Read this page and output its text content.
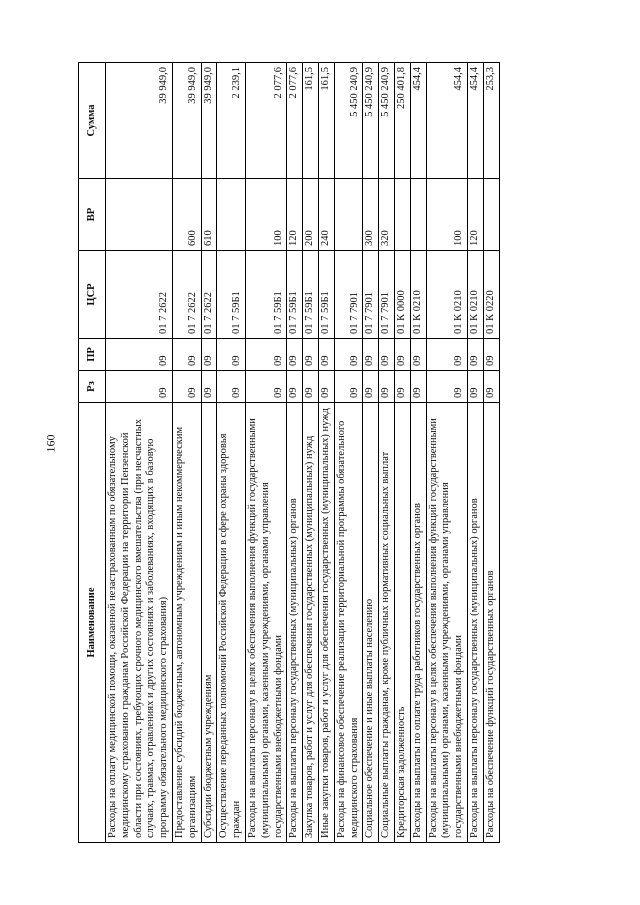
160
Наименование	Рз	ПР	ЦСР	ВР	Сумма
Расходы на оплату медицинской помощи, оказанной незастрахованным по обязательному медицинскому страхованию гражданам Российской Федерации на территории Пензенской области при состояниях, требующих срочного медицинского вмешательства (при несчастных случаях, травмах, отравлениях и других состояниях и заболеваниях, входящих в базовую программу обязательного медицинского страхования)	09	09	01 7 2622		39 949,0
Предоставление субсидий бюджетным, автономным учреждениям и иным некоммерческим организациям	09	09	01 7 2622	600	39 949,0
Субсидии бюджетным учреждениям	09	09	01 7 2622	610	39 949,0
Осуществление переданных полномочий Российской Федерации в сфере охраны здоровья граждан	09	09	01 7 59Б1		2 239,1
Расходы на выплаты персоналу в целях обеспечения выполнения функций государственными (муниципальными) органами, казенными учреждениями, органами управления государственными внебюджетными фондами	09	09	01 7 59Б1	100	2 077,6
Расходы на выплаты персоналу государственных (муниципальных) органов	09	09	01 7 59Б1	120	2 077,6
Закупка товаров, работ и услуг для обеспечения государственных (муниципальных) нужд	09	09	01 7 59Б1	200	161,5
Иные закупки товаров, работ и услуг для обеспечения государственных (муниципальных) нужд	09	09	01 7 59Б1	240	161,5
Расходы на финансовое обеспечение реализации территориальной программы обязательного медицинского страхования	09	09	01 7 7901		5 450 240,9
Социальное обеспечение и иные выплаты населению	09	09	01 7 7901	300	5 450 240,9
Социальные выплаты гражданам, кроме публичных нормативных социальных выплат	09	09	01 7 7901	320	5 450 240,9
Кредиторская задолженность	09	09	01 К 0000		250 401,8
Расходы на выплаты по оплате труда работников государственных органов	09	09	01 К 0210		454,4
Расходы на выплаты персоналу в целях обеспечения выполнения функций государственными (муниципальными) органами, казенными учреждениями, органами управления государственными внебюджетными фондами	09	09	01 К 0210	100	454,4
Расходы на выплаты персоналу государственных (муниципальных) органов	09	09	01 К 0210	120	454,4
Расходы на обеспечение функций государственных органов	09	09	01 К 0220		253,3
